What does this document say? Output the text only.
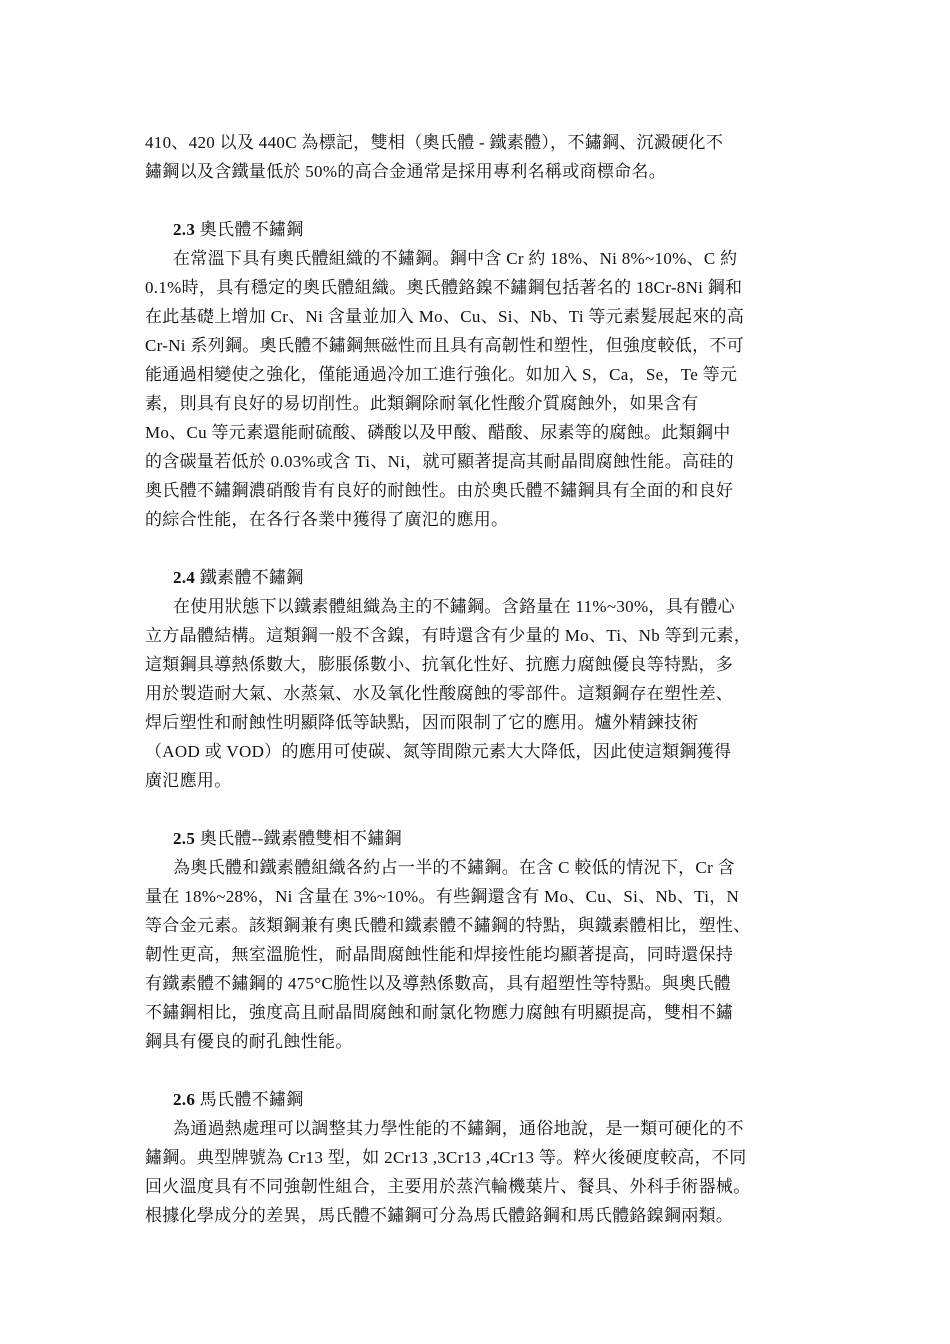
410、420 以及 440C 為標記，雙相（奧氏體 - 鐵素體），不鏽鋼、沉澱硬化不
鏽鋼以及含鐵量低於 50%的高合金通常是採用專利名稱或商標命名。
2.3 奧氏體不鏽鋼
在常溫下具有奧氏體組織的不鏽鋼。鋼中含 Cr 約 18%、Ni 8%~10%、C 約
0.1%時，具有穩定的奧氏體組織。奧氏體鉻鎳不鏽鋼包括著名的 18Cr-8Ni 鋼和
在此基礎上增加 Cr、Ni 含量並加入 Mo、Cu、Si、Nb、Ti 等元素髮展起來的高
Cr-Ni 系列鋼。奧氏體不鏽鋼無磁性而且具有高韌性和塑性，但強度較低，不可
能通過相變使之強化，僅能通過冷加工進行強化。如加入 S，Ca，Se，Te 等元
素，則具有良好的易切削性。此類鋼除耐氧化性酸介質腐蝕外，如果含有
Mo、Cu 等元素還能耐硫酸、磷酸以及甲酸、醋酸、尿素等的腐蝕。此類鋼中
的含碳量若低於 0.03%或含 Ti、Ni，就可顯著提高其耐晶間腐蝕性能。高硅的
奧氏體不鏽鋼濃硝酸肯有良好的耐蝕性。由於奧氏體不鏽鋼具有全面的和良好
的綜合性能，在各行各業中獲得了廣氾的應用。
2.4 鐵素體不鏽鋼
在使用狀態下以鐵素體組織為主的不鏽鋼。含鉻量在 11%~30%，具有體心
立方晶體結構。這類鋼一般不含鎳，有時還含有少量的 Mo、Ti、Nb 等到元素，
這類鋼具導熱係數大，膨脹係數小、抗氧化性好、抗應力腐蝕優良等特點，多
用於製造耐大氣、水蒸氣、水及氧化性酸腐蝕的零部件。這類鋼存在塑性差、
焊后塑性和耐蝕性明顯降低等缺點，因而限制了它的應用。爐外精鍊技術
（AOD 或 VOD）的應用可使碳、氮等間隙元素大大降低，因此使這類鋼獲得
廣氾應用。
2.5 奧氏體--鐵素體雙相不鏽鋼
為奧氏體和鐵素體組織各約占一半的不鏽鋼。在含 C 較低的情況下，Cr 含
量在 18%~28%，Ni 含量在 3%~10%。有些鋼還含有 Mo、Cu、Si、Nb、Ti，N
等合金元素。該類鋼兼有奧氏體和鐵素體不鏽鋼的特點，與鐵素體相比，塑性、
韌性更高，無室溫脆性，耐晶間腐蝕性能和焊接性能均顯著提高，同時還保持
有鐵素體不鏽鋼的 475°C脆性以及導熱係數高，具有超塑性等特點。與奧氏體
不鏽鋼相比，強度高且耐晶間腐蝕和耐氯化物應力腐蝕有明顯提高，雙相不鏽
鋼具有優良的耐孔蝕性能。
2.6 馬氏體不鏽鋼
為通過熱處理可以調整其力學性能的不鏽鋼，通俗地說，是一類可硬化的不
鏽鋼。典型牌號為 Cr13 型，如 2Cr13 ,3Cr13 ,4Cr13 等。粹火後硬度較高，不同
回火溫度具有不同強韌性組合，主要用於蒸汽輪機葉片、餐具、外科手術器械。
根據化學成分的差異，馬氏體不鏽鋼可分為馬氏體鉻鋼和馬氏體鉻鎳鋼兩類。
